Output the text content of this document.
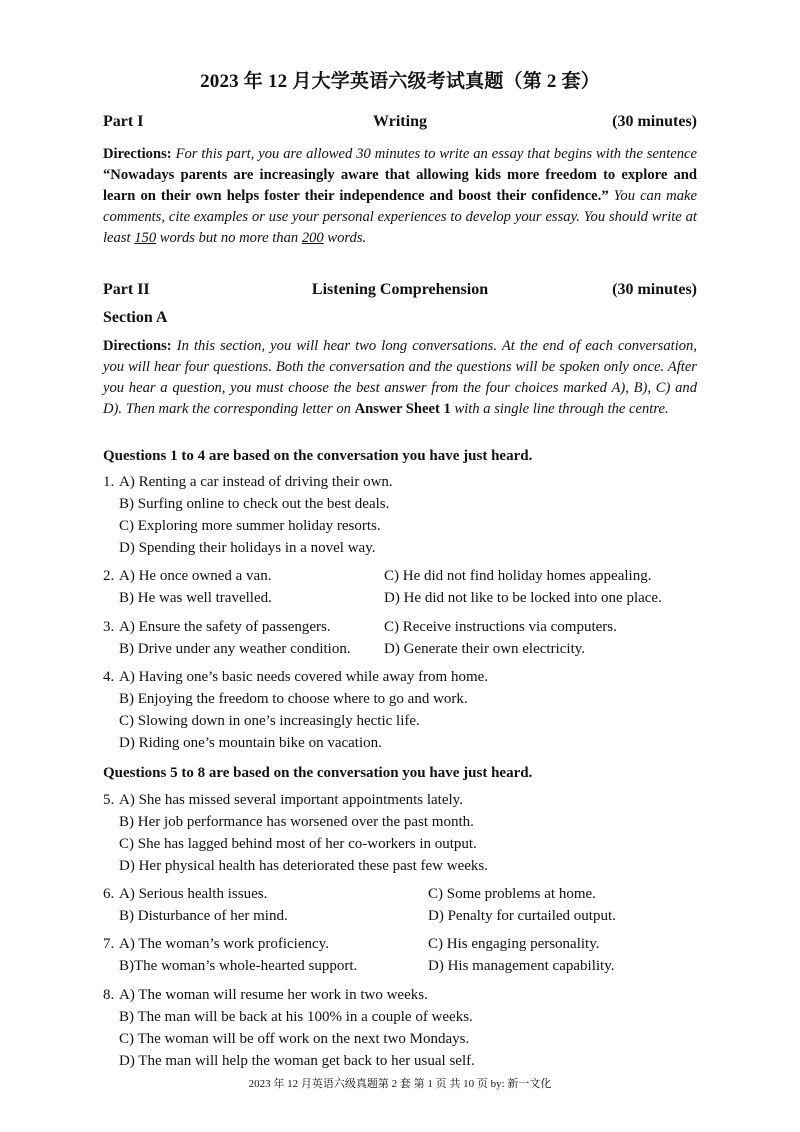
2023 年 12 月大学英语六级考试真题（第 2 套）
Part I	Writing	(30 minutes)
Directions: For this part, you are allowed 30 minutes to write an essay that begins with the sentence “Nowadays parents are increasingly aware that allowing kids more freedom to explore and learn on their own helps foster their independence and boost their confidence.” You can make comments, cite examples or use your personal experiences to develop your essay. You should write at least 150 words but no more than 200 words.
Part II	Listening Comprehension	(30 minutes)
Section A
Directions: In this section, you will hear two long conversations. At the end of each conversation, you will hear four questions. Both the conversation and the questions will be spoken only once. After you hear a question, you must choose the best answer from the four choices marked A), B), C) and D). Then mark the corresponding letter on Answer Sheet 1 with a single line through the centre.
Questions 1 to 4 are based on the conversation you have just heard.
1. A) Renting a car instead of driving their own.
B) Surfing online to check out the best deals.
C) Exploring more summer holiday resorts.
D) Spending their holidays in a novel way.
2. A) He once owned a van.	C) He did not find holiday homes appealing.
B) He was well travelled.	D) He did not like to be locked into one place.
3. A) Ensure the safety of passengers.	C) Receive instructions via computers.
B) Drive under any weather condition. D) Generate their own electricity.
4. A) Having one’s basic needs covered while away from home.
B) Enjoying the freedom to choose where to go and work.
C) Slowing down in one’s increasingly hectic life.
D) Riding one’s mountain bike on vacation.
Questions 5 to 8 are based on the conversation you have just heard.
5. A) She has missed several important appointments lately.
B) Her job performance has worsened over the past month.
C) She has lagged behind most of her co-workers in output.
D) Her physical health has deteriorated these past few weeks.
6. A) Serious health issues.	C) Some problems at home.
B) Disturbance of her mind.	D) Penalty for curtailed output.
7. A) The woman’s work proficiency.	C) His engaging personality.
B)The woman’s whole-hearted support.	D) His management capability.
8. A) The woman will resume her work in two weeks.
B) The man will be back at his 100% in a couple of weeks.
C) The woman will be off work on the next two Mondays.
D) The man will help the woman get back to her usual self.
2023 年 12 月英语六级真题第 2 套 第 1 页 共 10 页 by: 新一文化
